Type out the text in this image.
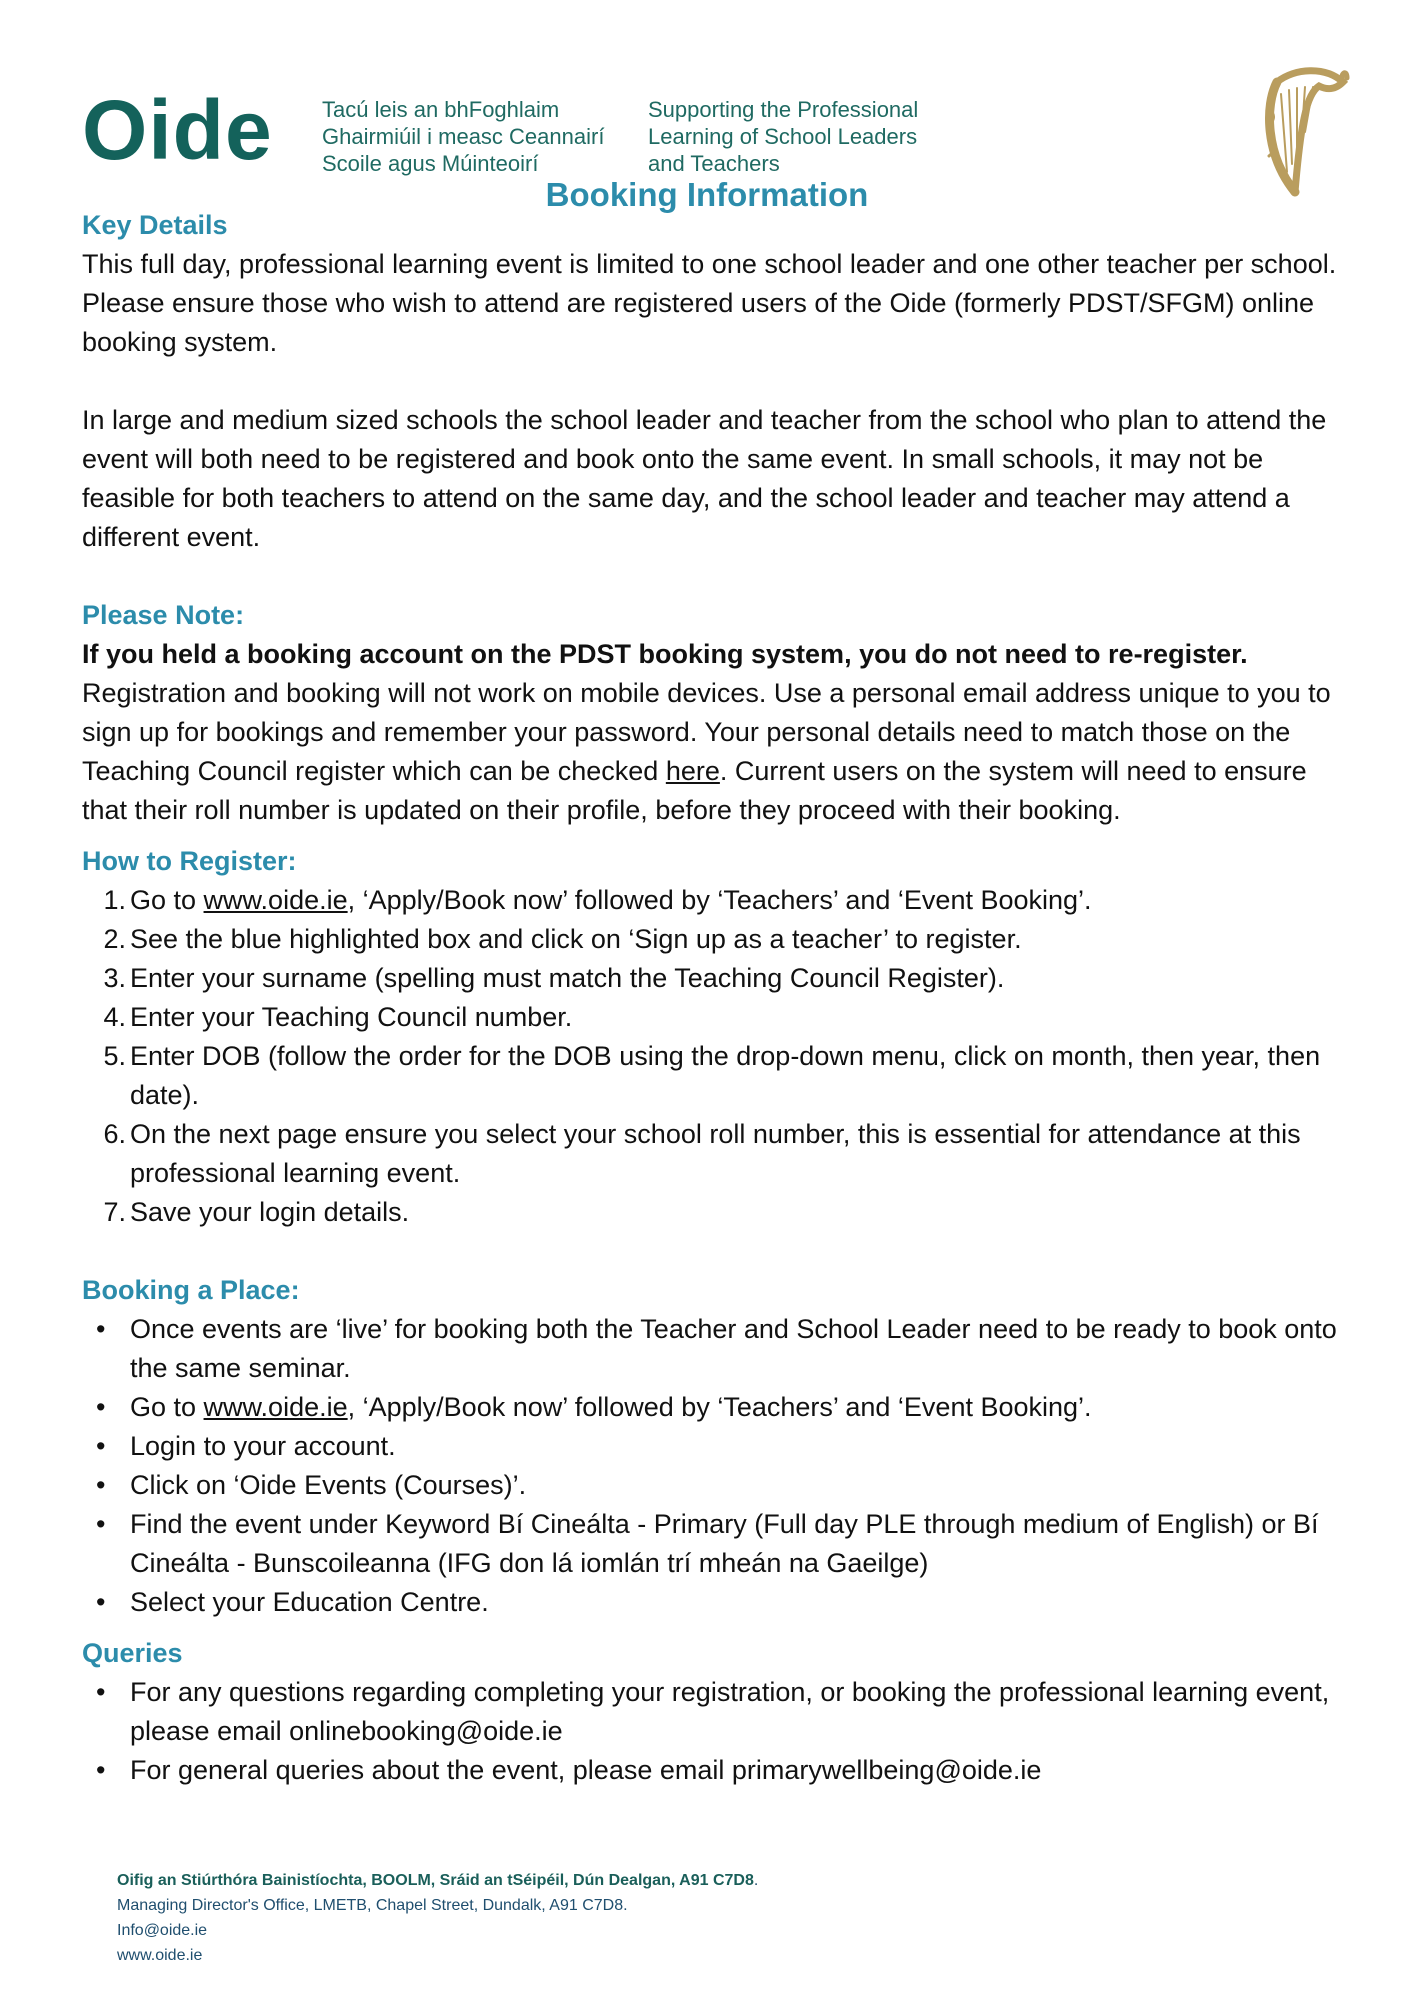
Oide Tacú leis an bhFoghlaim
Ghairmiúil i measc Ceannairí
Scoile agus Múinteoirí
Supporting the Professional
Learning of School Leaders
and Teachers
Booking Information
Key Details

This full day, professional learning event is limited to one school leader and one other teacher per school. Please ensure those who wish to attend are registered users of the Oide (formerly PDST/SFGM) online booking system.

In large and medium sized schools the school leader and teacher from the school who plan to attend the event will both need to be registered and book onto the same event. In small schools, it may not be feasible for both teachers to attend on the same day, and the school leader and teacher may attend a different event.

Please Note:

If you held a booking account on the PDST booking system, you do not need to re-register.
Registration and booking will not work on mobile devices. Use a personal email address unique to you to sign up for bookings and remember your password. Your personal details need to match those on the Teaching Council register which can be checked here. Current users on the system will need to ensure that their roll number is updated on their profile, before they proceed with their booking.

How to Register:
1. Go to www.oide.ie, ‘Apply/Book now’ followed by ‘Teachers’ and ‘Event Booking’.
2. See the blue highlighted box and click on ‘Sign up as a teacher’ to register.
3. Enter your surname (spelling must match the Teaching Council Register).
4. Enter your Teaching Council number.
5. Enter DOB (follow the order for the DOB using the drop-down menu, click on month, then year, then date).
6. On the next page ensure you select your school roll number, this is essential for attendance at this professional learning event.
7. Save your login details.
Booking a Place:
• Once events are ‘live’ for booking both the Teacher and School Leader need to be ready to book onto the same seminar.
• Go to www.oide.ie, ‘Apply/Book now’ followed by ‘Teachers’ and ‘Event Booking’.
• Login to your account.
• Click on ‘Oide Events (Courses)’.
• Find the event under Keyword Bí Cineálta - Primary (Full day PLE through medium of English) or Bí Cineálta - Bunscoileanna (IFG don lá iomlán trí mheán na Gaeilge)
• Select your Education Centre.
Queries
• For any questions regarding completing your registration, or booking the professional learning event, please email onlinebooking@oide.ie
• For general queries about the event, please email primarywellbeing@oide.ie
Oifig an Stiúrthóra Bainistíochta, BOOLM, Sráid an tSéipéil, Dún Dealgan, A91 C7D8.
Managing Director's Office, LMETB, Chapel Street, Dundalk, A91 C7D8.
Info@oide.ie
www.oide.ie
